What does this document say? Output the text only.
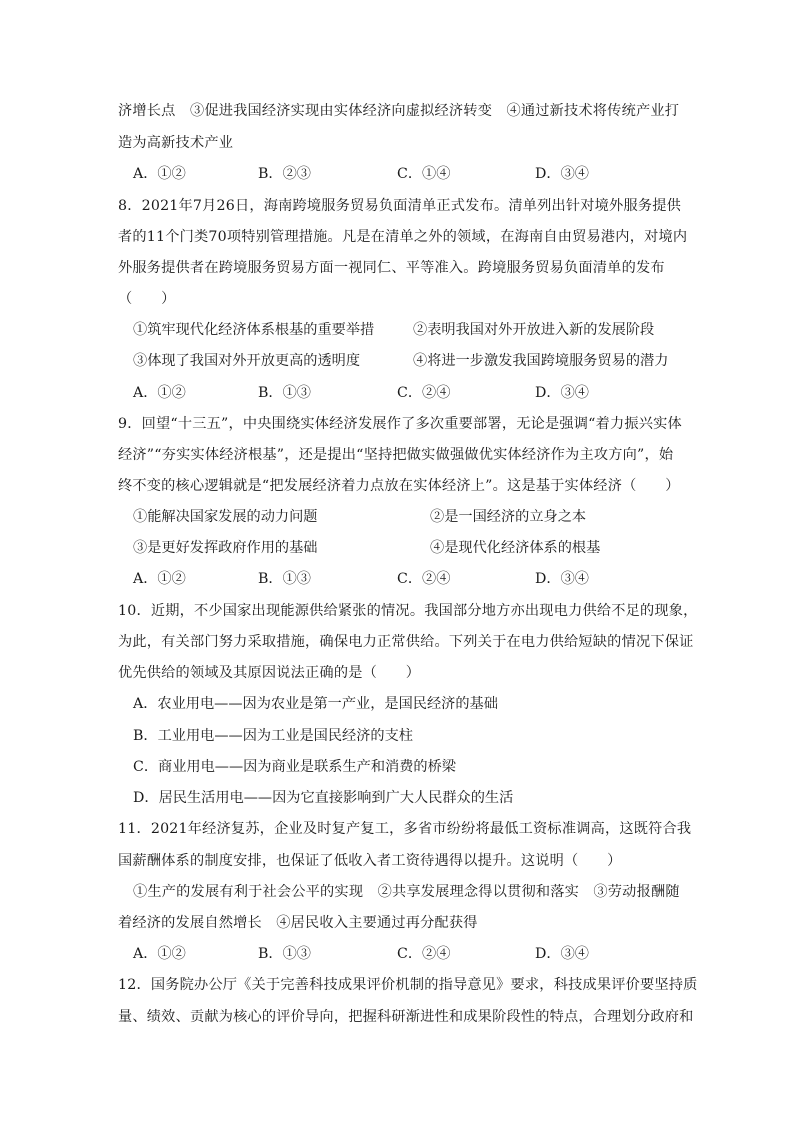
济增长点　③促进我国经济实现由实体经济向虚拟经济转变　④通过新技术将传统产业打
造为高新技术产业
A．①②	B．②③	C．①④	D．③④
8．2021年7月26日，海南跨境服务贸易负面清单正式发布。清单列出针对境外服务提供
者的11个门类70项特别管理措施。凡是在清单之外的领域，在海南自由贸易港内，对境内
外服务提供者在跨境服务贸易方面一视同仁、平等准入。跨境服务贸易负面清单的发布
（　　）
①筑牢现代化经济体系根基的重要举措	②表明我国对外开放进入新的发展阶段
③体现了我国对外开放更高的透明度	④将进一步激发我国跨境服务贸易的潜力
A．①②	B．①③	C．②④	D．③④
9．回望“十三五”，中央围绕实体经济发展作了多次重要部署，无论是强调“着力振兴实体
经济”“夯实实体经济根基”，还是提出“坚持把做实做强做优实体经济作为主攻方向”，始
终不变的核心逻辑就是“把发展经济着力点放在实体经济上”。这是基于实体经济（　　）
①能解决国家发展的动力问题	②是一国经济的立身之本
③是更好发挥政府作用的基础	④是现代化经济体系的根基
A．①②	B．①③	C．②④	D．③④
10．近期，不少国家出现能源供给紧张的情况。我国部分地方亦出现电力供给不足的现象，
为此，有关部门努力采取措施，确保电力正常供给。下列关于在电力供给短缺的情况下保证
优先供给的领域及其原因说法正确的是（　　）
A．农业用电——因为农业是第一产业，是国民经济的基础
B．工业用电——因为工业是国民经济的支柱
C．商业用电——因为商业是联系生产和消费的桥梁
D．居民生活用电——因为它直接影响到广大人民群众的生活
11．2021年经济复苏，企业及时复产复工，多省市纷纷将最低工资标准调高，这既符合我
国薪酬体系的制度安排，也保证了低收入者工资待遇得以提升。这说明（　　）
①生产的发展有利于社会公平的实现　②共享发展理念得以贯彻和落实　③劳动报酬随
着经济的发展自然增长　④居民收入主要通过再分配获得
A．①②	B．①③	C．②④	D．③④
12．国务院办公厅《关于完善科技成果评价机制的指导意见》要求，科技成果评价要坚持质
量、绩效、贡献为核心的评价导向，把握科研渐进性和成果阶段性的特点，合理划分政府和
